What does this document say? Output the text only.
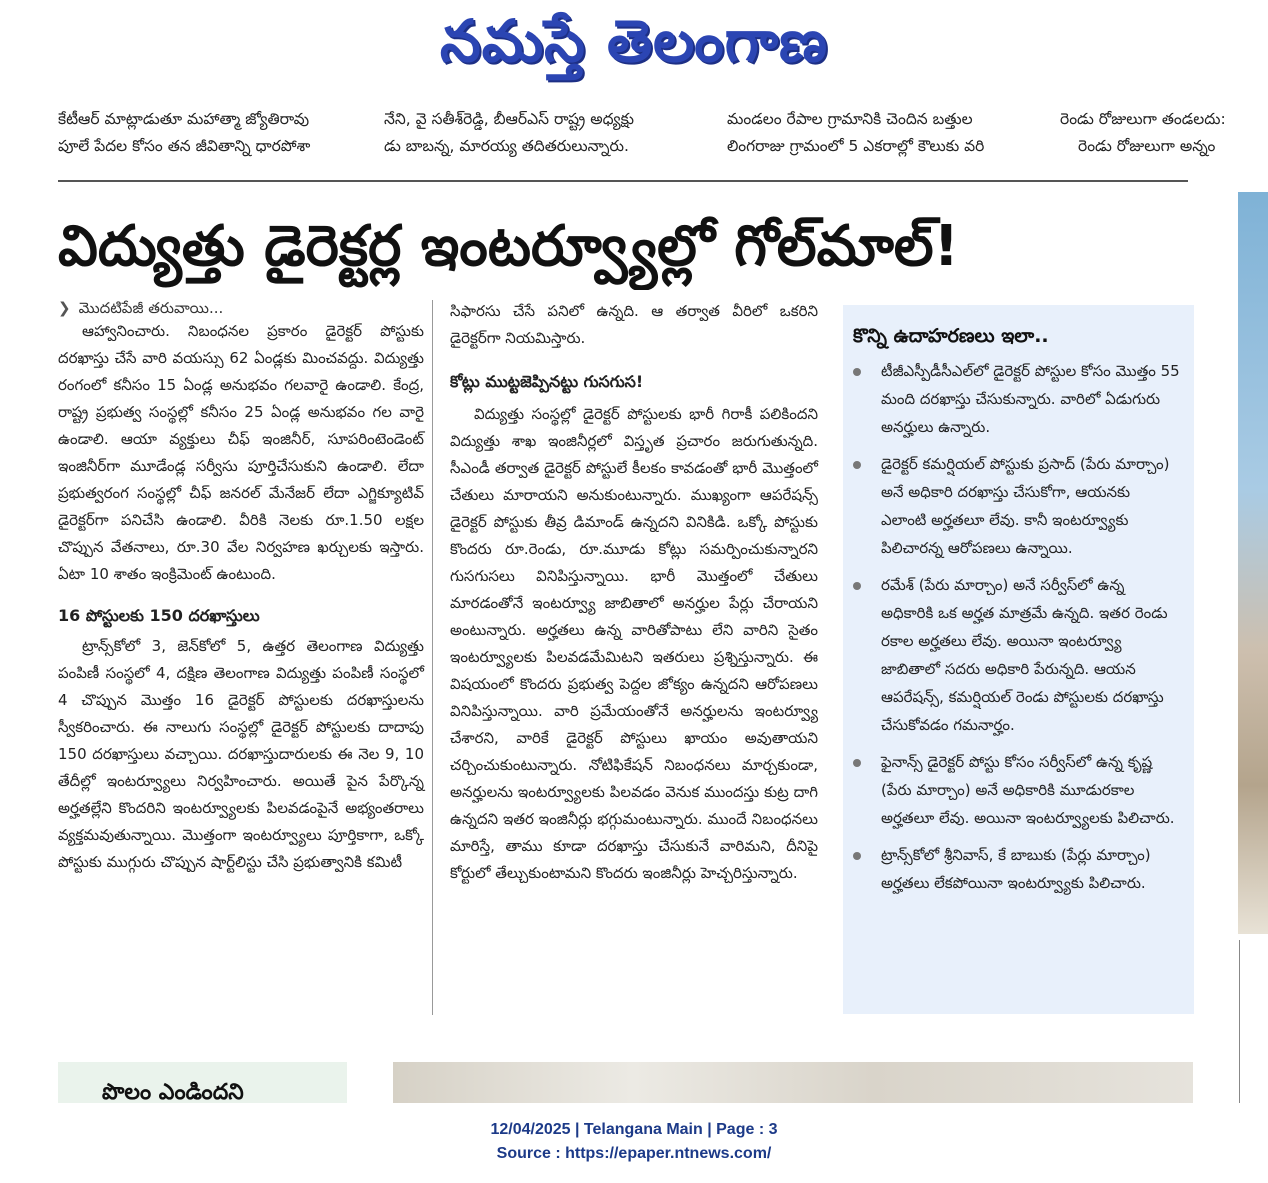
నమస్తే తెలంగాణ
కేటీఆర్ మాట్లాడుతూ మహాత్మా జ్యోతిరావు
పూలే పేదల కోసం తన జీవితాన్ని ధారపోశా
నేని, వై సతీశ్‌రెడ్డి, బీఆర్‌ఎస్ రాష్ట్ర అధ్యక్షు
డు బాబన్న, మారయ్య తదితరులున్నారు.
మండలం రేపాల గ్రామానికి చెందిన బత్తుల
లింగరాజు గ్రామంలో 5 ఎకరాల్లో కౌలుకు వరి
రెండు రోజులుగా తండలదు:
రెండు రోజులుగా అన్నం
విద్యుత్తు డైరెక్టర్ల ఇంటర్వ్యూల్లో గోల్‌మాల్!

❯ మొదటిపేజీ తరువాయి...

ఆహ్వానించారు. నిబంధనల ప్రకారం డైరెక్టర్ పోస్టుకు దరఖాస్తు చేసే వారి వయస్సు 62 ఏండ్లకు మించవద్దు. విద్యుత్తు రంగంలో కనీసం 15 ఏండ్ల అనుభవం గలవారై ఉండాలి. కేంద్ర, రాష్ట్ర ప్రభుత్వ సంస్థల్లో కనీసం 25 ఏండ్ల అనుభవం గల వారై ఉండాలి. ఆయా వ్యక్తులు చీఫ్ ఇంజినీర్, సూపరింటెండెంట్ ఇంజినీర్‌గా మూడేండ్ల సర్వీసు పూర్తిచేసుకుని ఉండాలి. లేదా ప్రభుత్వరంగ సంస్థల్లో చీఫ్ జనరల్ మేనేజర్ లేదా ఎగ్జిక్యూటివ్ డైరెక్టర్‌గా పనిచేసి ఉండాలి. వీరికి నెలకు రూ.1.50 లక్షల చొప్పున వేతనాలు, రూ.30 వేల నిర్వహణ ఖర్చులకు ఇస్తారు. ఏటా 10 శాతం ఇంక్రిమెంట్ ఉంటుంది.

16 పోస్టులకు 150 దరఖాస్తులు

ట్రాన్స్‌కోలో 3, జెన్‌కోలో 5, ఉత్తర తెలంగాణ విద్యుత్తు పంపిణీ సంస్థలో 4, దక్షిణ తెలంగాణ విద్యుత్తు పంపిణీ సంస్థలో 4 చొప్పున మొత్తం 16 డైరెక్టర్ పోస్టులకు దరఖాస్తులను స్వీకరించారు. ఈ నాలుగు సంస్థల్లో డైరెక్టర్ పోస్టులకు దాదాపు 150 దరఖాస్తులు వచ్చాయి. దరఖాస్తుదారులకు ఈ నెల 9, 10 తేదీల్లో ఇంటర్వ్యూలు నిర్వహించారు. అయితే పైన పేర్కొన్న అర్హతల్లేని కొందరిని ఇంటర్వ్యూలకు పిలవడంపైనే అభ్యంతరాలు వ్యక్తమవుతున్నాయి. మొత్తంగా ఇంటర్వ్యూలు పూర్తికాగా, ఒక్కో పోస్టుకు ముగ్గురు చొప్పున షార్ట్‌లిస్టు చేసి ప్రభుత్వానికి కమిటీ

సిఫారసు చేసే పనిలో ఉన్నది. ఆ తర్వాత వీరిలో ఒకరిని డైరెక్టర్‌గా నియమిస్తారు.

కోట్లు ముట్టజెప్పినట్టు గుసగుస!

విద్యుత్తు సంస్థల్లో డైరెక్టర్ పోస్టులకు భారీ గిరాకీ పలికిందని విద్యుత్తు శాఖ ఇంజినీర్లలో విస్తృత ప్రచారం జరుగుతున్నది. సీఎండీ తర్వాత డైరెక్టర్ పోస్టులే కీలకం కావడంతో భారీ మొత్తంలో చేతులు మారాయని అనుకుంటున్నారు. ముఖ్యంగా ఆపరేషన్స్ డైరెక్టర్ పోస్టుకు తీవ్ర డిమాండ్ ఉన్నదని వినికిడి. ఒక్కో పోస్టుకు కొందరు రూ.రెండు, రూ.మూడు కోట్లు సమర్పించుకున్నారని గుసగుసలు వినిపిస్తున్నాయి. భారీ మొత్తంలో చేతులు మారడంతోనే ఇంటర్వ్యూ జాబితాలో అనర్హుల పేర్లు చేరాయని అంటున్నారు. అర్హతలు ఉన్న వారితోపాటు లేని వారిని సైతం ఇంటర్వ్యూలకు పిలవడమేమిటని ఇతరులు ప్రశ్నిస్తున్నారు. ఈ విషయంలో కొందరు ప్రభుత్వ పెద్దల జోక్యం ఉన్నదని ఆరోపణలు వినిపిస్తున్నాయి. వారి ప్రమేయంతోనే అనర్హులను ఇంటర్వ్యూ చేశారని, వారికే డైరెక్టర్ పోస్టులు ఖాయం అవుతాయని చర్చించుకుంటున్నారు. నోటిఫికేషన్ నిబంధనలు మార్చకుండా, అనర్హులను ఇంటర్వ్యూలకు పిలవడం వెనుక ముందస్తు కుట్ర దాగి ఉన్నదని ఇతర ఇంజినీర్లు భగ్గుమంటున్నారు. ముందే నిబంధనలు మారిస్తే, తాము కూడా దరఖాస్తు చేసుకునే వారిమని, దీనిపై కోర్టులో తేల్చుకుంటామని కొందరు ఇంజినీర్లు హెచ్చరిస్తున్నారు.

కొన్ని ఉదాహరణలు ఇలా..
టీజీఎస్పీడీసీఎల్‌లో డైరెక్టర్ పోస్టుల కోసం మొత్తం 55 మంది దరఖాస్తు చేసుకున్నారు. వారిలో ఏడుగురు అనర్హులు ఉన్నారు.
డైరెక్టర్ కమర్షియల్ పోస్టుకు ప్రసాద్ (పేరు మార్చాం) అనే అధికారి దరఖాస్తు చేసుకోగా, ఆయనకు ఎలాంటి అర్హతలూ లేవు. కానీ ఇంటర్వ్యూకు పిలిచారన్న ఆరోపణలు ఉన్నాయి.
రమేశ్ (పేరు మార్చాం) అనే సర్వీస్‌లో ఉన్న అధికారికి ఒక అర్హత మాత్రమే ఉన్నది. ఇతర రెండు రకాల అర్హతలు లేవు. అయినా ఇంటర్వ్యూ జాబితాలో సదరు అధికారి పేరున్నది. ఆయన ఆపరేషన్స్, కమర్షియల్ రెండు పోస్టులకు దరఖాస్తు చేసుకోవడం గమనార్హం.
ఫైనాన్స్ డైరెక్టర్ పోస్టు కోసం సర్వీస్‌లో ఉన్న కృష్ణ (పేరు మార్చాం) అనే అధికారికి మూడురకాల అర్హతలూ లేవు. అయినా ఇంటర్వ్యూలకు పిలిచారు.
ట్రాన్స్‌కోలో శ్రీనివాస్, కే బాబుకు (పేర్లు మార్చాం) అర్హతలు లేకపోయినా ఇంటర్వ్యూకు పిలిచారు.
పొలం ఎండిందని
12/04/2025 | Telangana Main | Page : 3
Source : https://epaper.ntnews.com/
